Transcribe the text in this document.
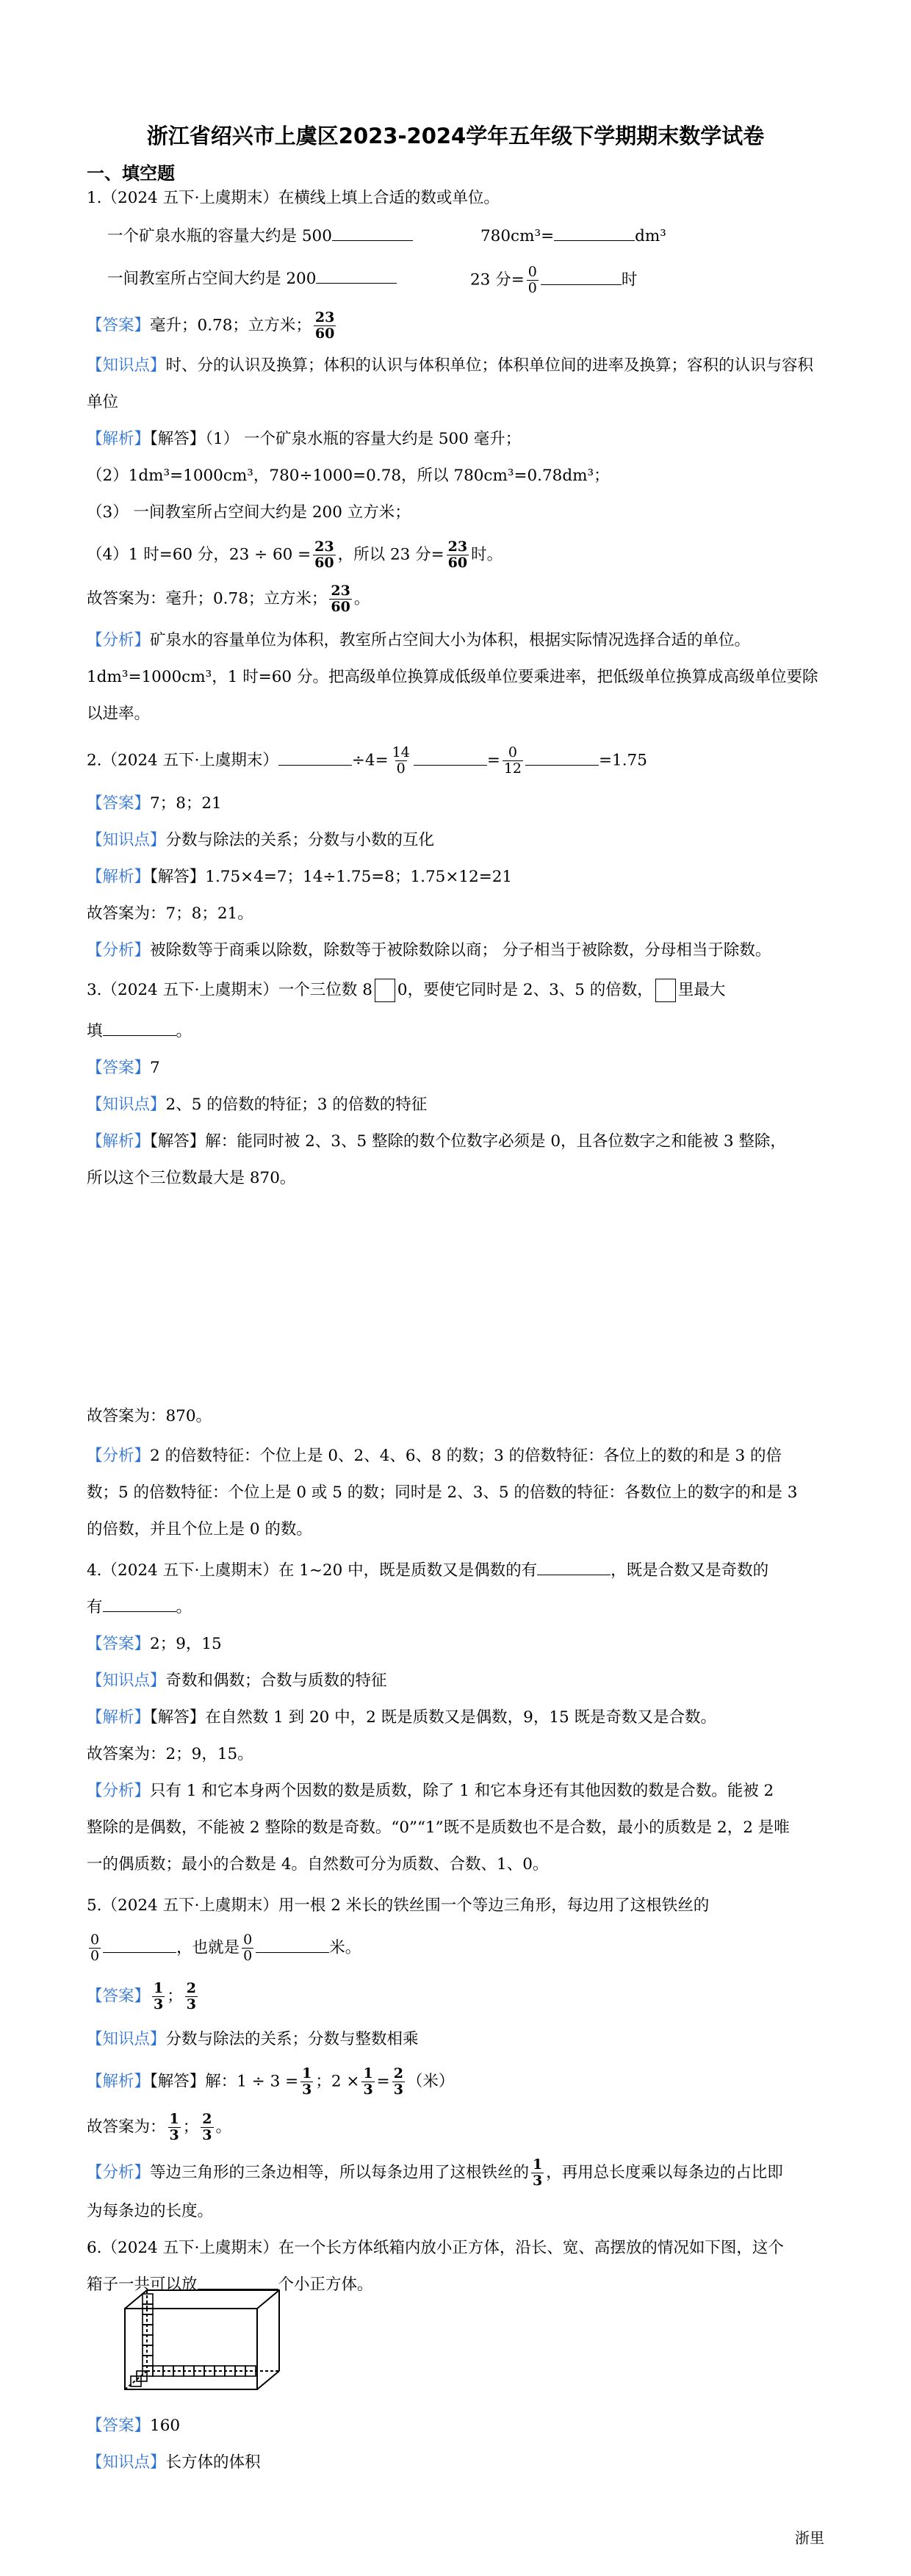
浙江省绍兴市上虞区2023-2024学年五年级下学期期末数学试卷
一、填空题
1.（2024 五下·上虞期末）在横线上填上合适的数或单位。
一个矿泉水瓶的容量大约是 500	780cm³=	dm³
一间教室所占空间大约是 200	23 分= $\frac{0}{0}$	时
【答案】毫升；0.78；立方米； $\frac{23}{60}$
【知识点】时、分的认识及换算；体积的认识与体积单位；体积单位间的进率及换算；容积的认识与容积
单位
【解析】【解答】（1） 一个矿泉水瓶的容量大约是 500 毫升；
（2）1dm³=1000cm³，780÷1000=0.78，所以 780cm³=0.78dm³；
（3） 一间教室所占空间大约是 200 立方米；
（4）1 时=60 分，$23 \div 60 = \frac{23}{60}$ ，所以 23 分= $\frac{23}{60}$ 时。
故答案为：毫升；0.78；立方米； $\frac{23}{60}$ 。
【分析】矿泉水的容量单位为体积，教室所占空间大小为体积，根据实际情况选择合适的单位。
1dm³=1000cm³，1 时=60 分。把高级单位换算成低级单位要乘进率，把低级单位换算成高级单位要除
以进率。
2.（2024 五下·上虞期末）	$\div 4= \frac{14}{0}$	= $\frac{0}{12}$	=1.75
【答案】7；8；21
【知识点】分数与除法的关系；分数与小数的互化
【解析】【解答】1.75×4=7；14÷1.75=8；1.75×12=21
故答案为：7；8；21。
【分析】被除数等于商乘以除数，除数等于被除数除以商； 分子相当于被除数，分母相当于除数。
3.（2024 五下·上虞期末）一个三位数 8 0，要使它同时是 2、3、5 的倍数， 里最大
填	。
【答案】7
【知识点】2、5 的倍数的特征；3 的倍数的特征
【解析】【解答】解：能同时被 2、3、5 整除的数个位数字必须是 0，且各位数字之和能被 3 整除，
所以这个三位数最大是 870。
故答案为：870。
【分析】2 的倍数特征：个位上是 0、2、4、6、8 的数；3 的倍数特征：各位上的数的和是 3 的倍
数；5 的倍数特征：个位上是 0 或 5 的数；同时是 2、3、5 的倍数的特征：各数位上的数字的和是 3
的倍数，并且个位上是 0 的数。
4.（2024 五下·上虞期末）在 1~20 中，既是质数又是偶数的有	，既是合数又是奇数的
有	。
【答案】2；9，15
【知识点】奇数和偶数；合数与质数的特征
【解析】【解答】在自然数 1 到 20 中，2 既是质数又是偶数，9，15 既是奇数又是合数。
故答案为：2；9，15。
【分析】只有 1 和它本身两个因数的数是质数，除了 1 和它本身还有其他因数的数是合数。能被 2
整除的是偶数，不能被 2 整除的数是奇数。“0”“1”既不是质数也不是合数，最小的质数是 2，2 是唯
一的偶质数；最小的合数是 4。自然数可分为质数、合数、1、0。
5.（2024 五下·上虞期末）用一根 2 米长的铁丝围一个等边三角形，每边用了这根铁丝的
$\frac{0}{0}$	，也就是 $\frac{0}{0}$	米。
【答案】 $\frac{1}{3}$ ； $\frac{2}{3}$
【知识点】分数与除法的关系；分数与整数相乘
【解析】【解答】解：$1 \div 3 = \frac{1}{3}$ ；$2 \times \frac{1}{3} = \frac{2}{3}$ （米）
故答案为： $\frac{1}{3}$ ； $\frac{2}{3}$ 。
【分析】等边三角形的三条边相等，所以每条边用了这根铁丝的 $\frac{1}{3}$ ，再用总长度乘以每条边的占比即
为每条边的长度。
6.（2024 五下·上虞期末）在一个长方体纸箱内放小正方体，沿长、宽、高摆放的情况如下图，这个
箱子一共可以放	个小正方体。
【答案】160
【知识点】长方体的体积
浙里
